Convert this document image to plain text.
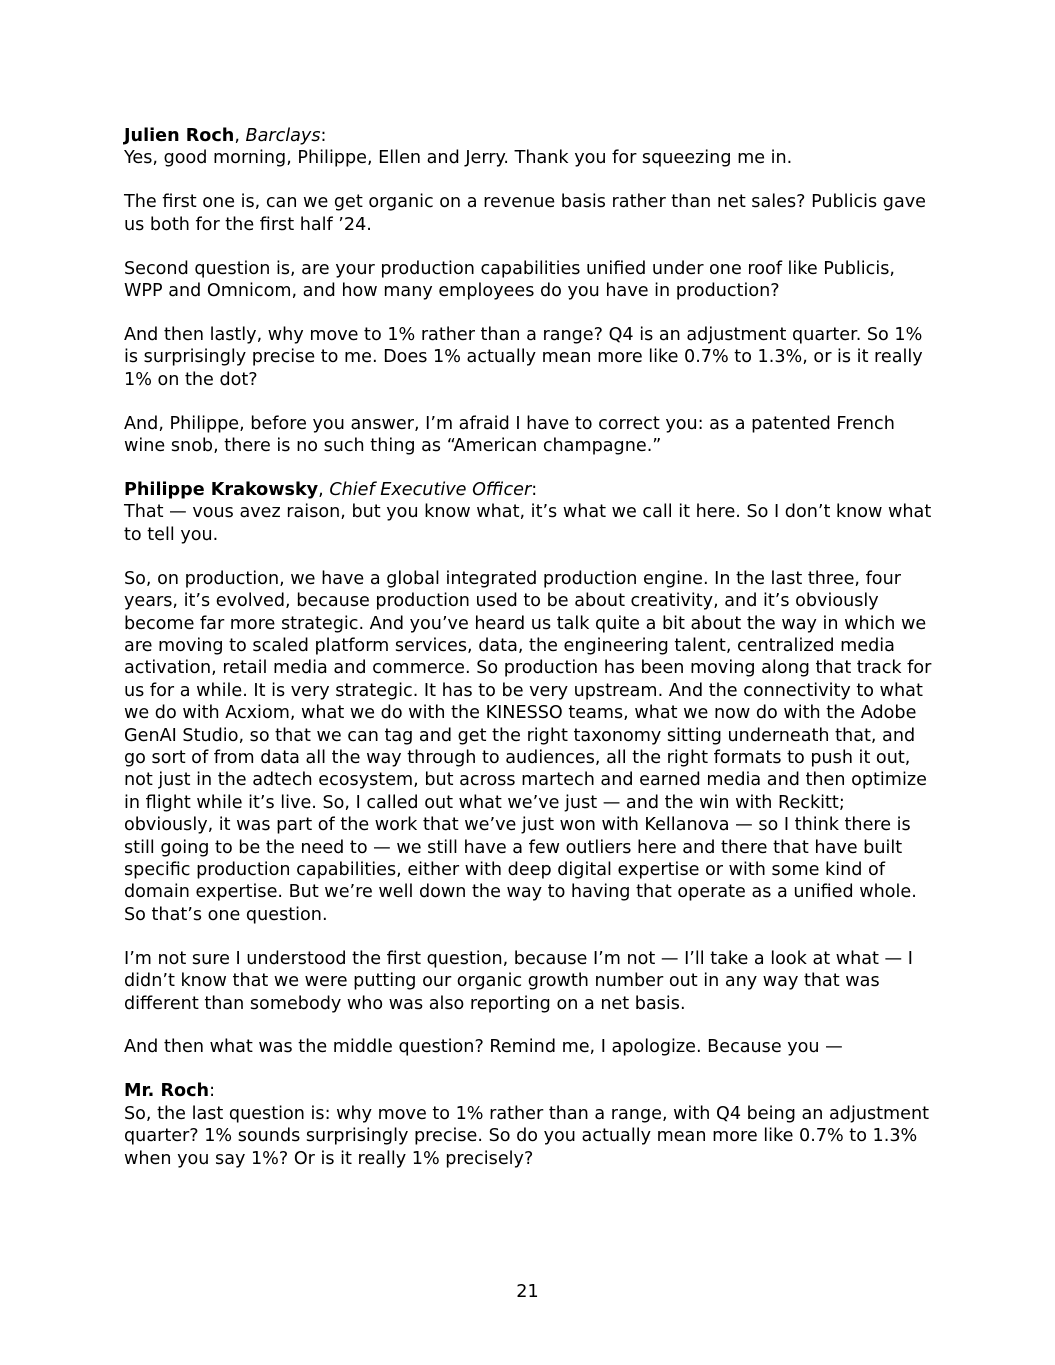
Julien Roch, Barclays:
Yes, good morning, Philippe, Ellen and Jerry. Thank you for squeezing me in.

The first one is, can we get organic on a revenue basis rather than net sales? Publicis gave us both for the first half ’24.

Second question is, are your production capabilities unified under one roof like Publicis, WPP and Omnicom, and how many employees do you have in production?

And then lastly, why move to 1% rather than a range? Q4 is an adjustment quarter. So 1% is surprisingly precise to me. Does 1% actually mean more like 0.7% to 1.3%, or is it really 1% on the dot?

And, Philippe, before you answer, I’m afraid I have to correct you: as a patented French wine snob, there is no such thing as “American champagne.”

Philippe Krakowsky, Chief Executive Officer:
That — vous avez raison, but you know what, it’s what we call it here. So I don’t know what to tell you.

So, on production, we have a global integrated production engine. In the last three, four years, it’s evolved, because production used to be about creativity, and it’s obviously become far more strategic. And you’ve heard us talk quite a bit about the way in which we are moving to scaled platform services, data, the engineering talent, centralized media activation, retail media and commerce. So production has been moving along that track for us for a while. It is very strategic. It has to be very upstream. And the connectivity to what we do with Acxiom, what we do with the KINESSO teams, what we now do with the Adobe GenAI Studio, so that we can tag and get the right taxonomy sitting underneath that, and go sort of from data all the way through to audiences, all the right formats to push it out, not just in the adtech ecosystem, but across martech and earned media and then optimize in flight while it’s live. So, I called out what we’ve just — and the win with Reckitt; obviously, it was part of the work that we’ve just won with Kellanova — so I think there is still going to be the need to — we still have a few outliers here and there that have built specific production capabilities, either with deep digital expertise or with some kind of domain expertise. But we’re well down the way to having that operate as a unified whole. So that’s one question.

I’m not sure I understood the first question, because I’m not — I’ll take a look at what — I didn’t know that we were putting our organic growth number out in any way that was different than somebody who was also reporting on a net basis.

And then what was the middle question? Remind me, I apologize. Because you —

Mr. Roch:
So, the last question is: why move to 1% rather than a range, with Q4 being an adjustment quarter? 1% sounds surprisingly precise. So do you actually mean more like 0.7% to 1.3% when you say 1%? Or is it really 1% precisely?

21
